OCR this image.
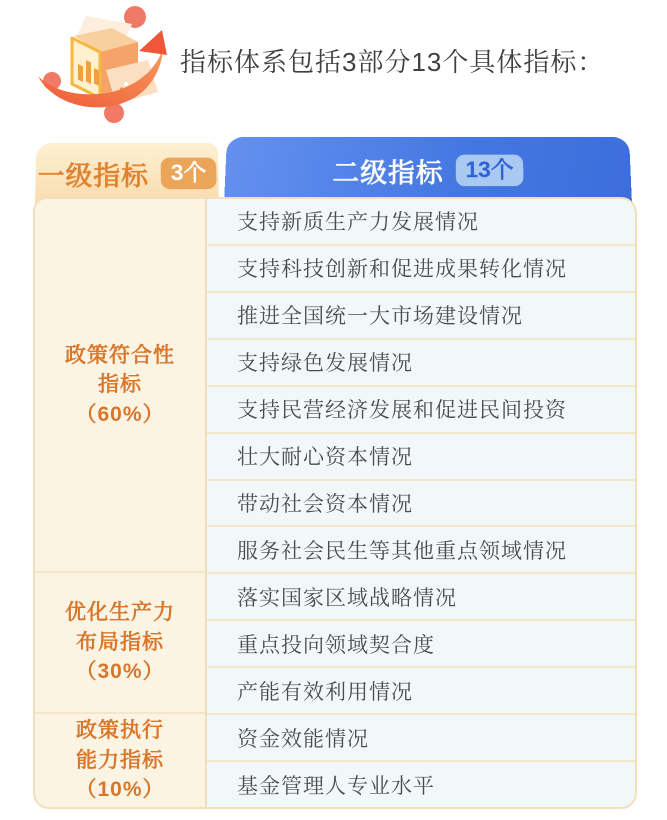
指标体系包括3部分13个具体指标：
一级指标 3个	二级指标 13个
政策符合性
指标
（60%）
优化生产力
布局指标
（30%）
政策执行
能力指标
（10%）
支持新质生产力发展情况
支持科技创新和促进成果转化情况
推进全国统一大市场建设情况
支持绿色发展情况
支持民营经济发展和促进民间投资
壮大耐心资本情况
带动社会资本情况
服务社会民生等其他重点领域情况
落实国家区域战略情况
重点投向领域契合度
产能有效利用情况
资金效能情况
基金管理人专业水平
